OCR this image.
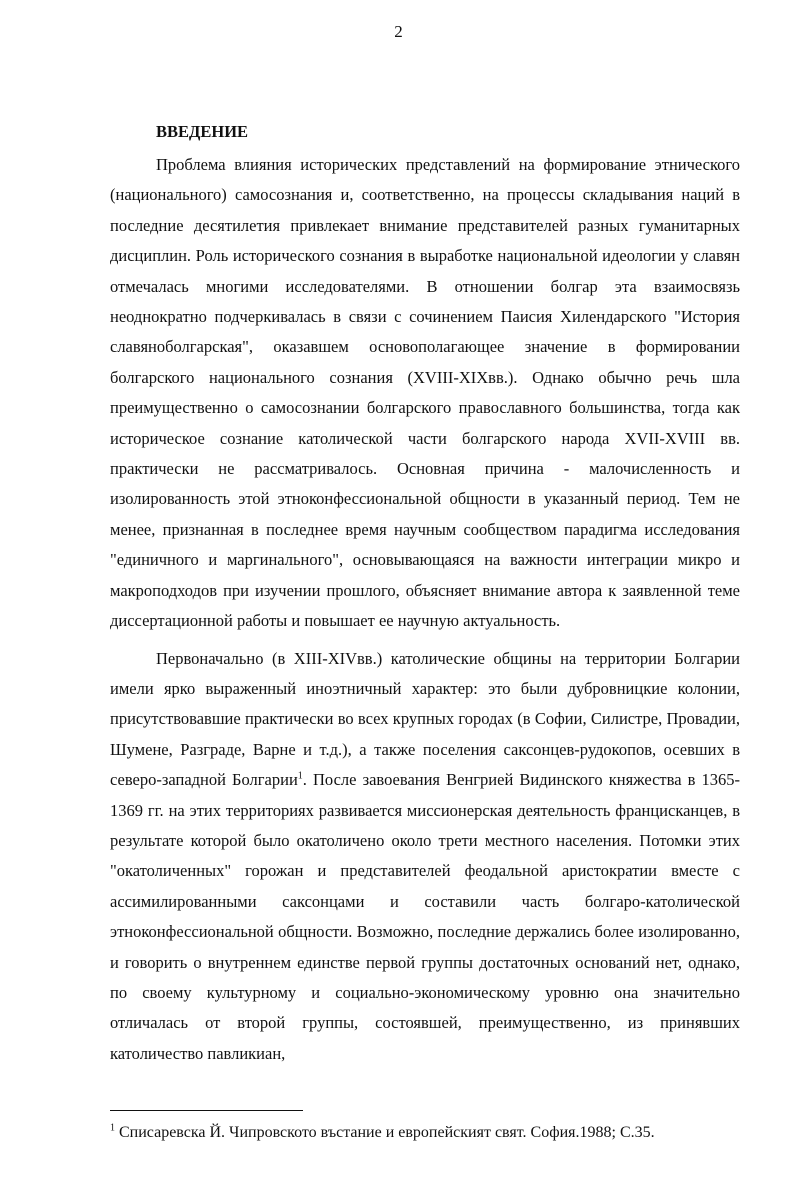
2
ВВЕДЕНИЕ

Проблема влияния исторических представлений на формирование этнического (национального) самосознания и, соответственно, на процессы складывания наций в последние десятилетия привлекает внимание представителей разных гуманитарных дисциплин. Роль исторического сознания в выработке национальной идеологии у славян отмечалась многими исследователями. В отношении болгар эта взаимосвязь неоднократно подчеркивалась в связи с сочинением Паисия Хилендарского "История славяноболгарская", оказавшем основополагающее значение в формировании болгарского национального сознания (XVIII-XIXвв.). Однако обычно речь шла преимущественно о самосознании болгарского православного большинства, тогда как историческое сознание католической части болгарского народа XVII-XVIII вв. практически не рассматривалось. Основная причина - малочисленность и изолированность этой этноконфессиональной общности в указанный период. Тем не менее, признанная в последнее время научным сообществом парадигма исследования "единичного и маргинального", основывающаяся на важности интеграции микро и макроподходов при изучении прошлого, объясняет внимание автора к заявленной теме диссертационной работы и повышает ее научную актуальность.

Первоначально (в XIII-XIVвв.) католические общины на территории Болгарии имели ярко выраженный иноэтничный характер: это были дубровницкие колонии, присутствовавшие практически во всех крупных городах (в Софии, Силистре, Провадии, Шумене, Разграде, Варне и т.д.), а также поселения саксонцев-рудокопов, осевших в северо-западной Болгарии$^1$. После завоевания Венгрией Видинского княжества в 1365-1369 гг. на этих территориях развивается миссионерская деятельность францисканцев, в результате которой было окатоличено около трети местного населения. Потомки этих "окатоличенных" горожан и представителей феодальной аристократии вместе с ассимилированными саксонцами и составили часть болгаро-католической этноконфессиональной общности. Возможно, последние держались более изолированно, и говорить о внутреннем единстве первой группы достаточных оснований нет, однако, по своему культурному и социально-экономическому уровню она значительно отличалась от второй группы, состоявшей, преимущественно, из принявших католичество павликиан,

$^1$ Списаревска Й. Чипровското въстание и европейският свят. София.1988; С.35.
